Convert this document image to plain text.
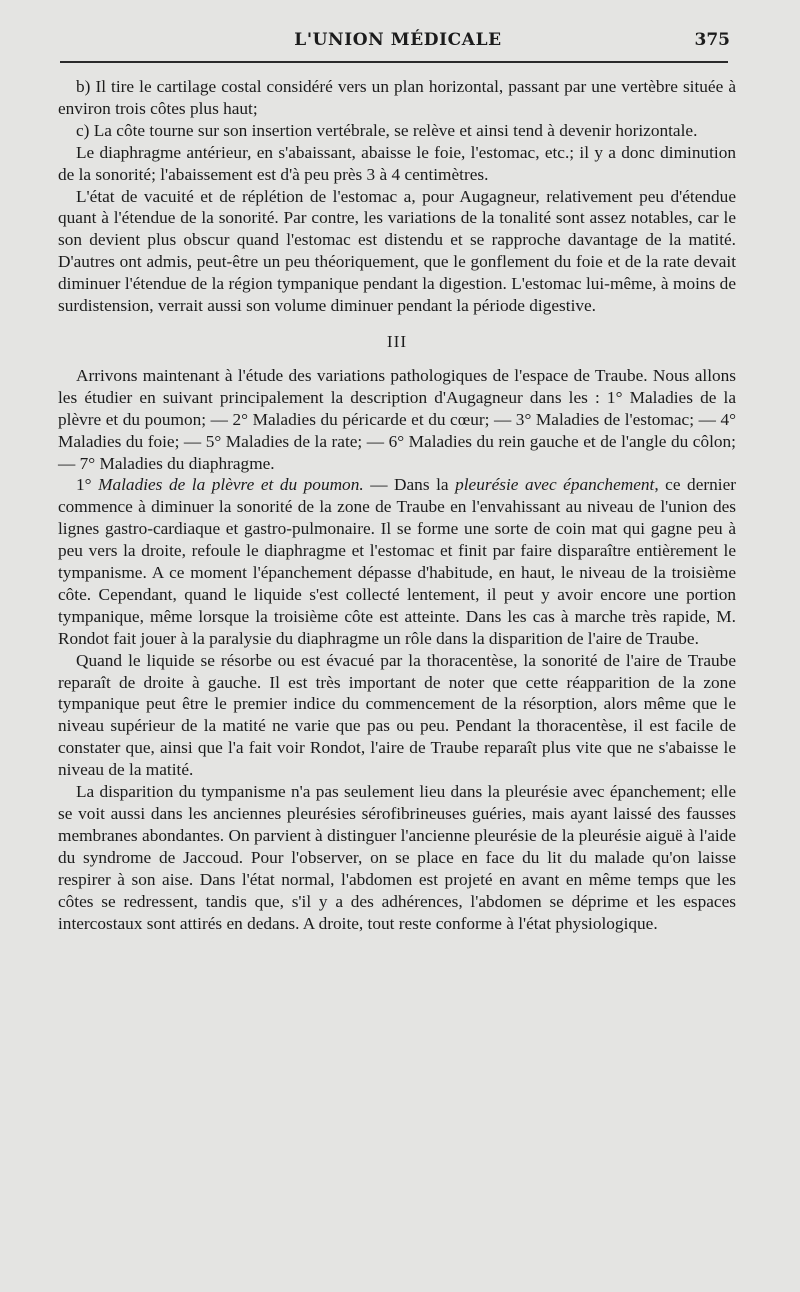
L'UNION MÉDICALE	375

b) Il tire le cartilage costal considéré vers un plan horizontal, passant par une vertèbre située à environ trois côtes plus haut;

c) La côte tourne sur son insertion vertébrale, se relève et ainsi tend à devenir horizontale.

Le diaphragme antérieur, en s'abaissant, abaisse le foie, l'estomac, etc.; il y a donc diminution de la sonorité; l'abaissement est d'à peu près 3 à 4 centimètres.

L'état de vacuité et de réplétion de l'estomac a, pour Augagneur, relativement peu d'étendue quant à l'étendue de la sonorité. Par contre, les variations de la tonalité sont assez notables, car le son devient plus obscur quand l'estomac est distendu et se rapproche davantage de la matité. D'autres ont admis, peut-être un peu théoriquement, que le gonflement du foie et de la rate devait diminuer l'étendue de la région tympanique pendant la digestion. L'estomac lui-même, à moins de surdistension, verrait aussi son volume diminuer pendant la période digestive.

III

Arrivons maintenant à l'étude des variations pathologiques de l'espace de Traube. Nous allons les étudier en suivant principalement la description d'Augagneur dans les : 1° Maladies de la plèvre et du poumon; — 2° Maladies du péricarde et du cœur; — 3° Maladies de l'estomac; — 4° Maladies du foie; — 5° Maladies de la rate; — 6° Maladies du rein gauche et de l'angle du côlon; — 7° Maladies du diaphragme.

1° Maladies de la plèvre et du poumon. — Dans la pleurésie avec épanchement, ce dernier commence à diminuer la sonorité de la zone de Traube en l'envahissant au niveau de l'union des lignes gastro-cardiaque et gastro-pulmonaire. Il se forme une sorte de coin mat qui gagne peu à peu vers la droite, refoule le diaphragme et l'estomac et finit par faire disparaître entièrement le tympanisme. A ce moment l'épanchement dépasse d'habitude, en haut, le niveau de la troisième côte. Cependant, quand le liquide s'est collecté lentement, il peut y avoir encore une portion tympanique, même lorsque la troisième côte est atteinte. Dans les cas à marche très rapide, M. Rondot fait jouer à la paralysie du diaphragme un rôle dans la disparition de l'aire de Traube.

Quand le liquide se résorbe ou est évacué par la thoracentèse, la sonorité de l'aire de Traube reparaît de droite à gauche. Il est très important de noter que cette réapparition de la zone tympanique peut être le premier indice du commencement de la résorption, alors même que le niveau supérieur de la matité ne varie que pas ou peu. Pendant la thoracentèse, il est facile de constater que, ainsi que l'a fait voir Rondot, l'aire de Traube reparaît plus vite que ne s'abaisse le niveau de la matité.

La disparition du tympanisme n'a pas seulement lieu dans la pleurésie avec épanchement; elle se voit aussi dans les anciennes pleurésies sérofibrineuses guéries, mais ayant laissé des fausses membranes abondantes. On parvient à distinguer l'ancienne pleurésie de la pleurésie aiguë à l'aide du syndrome de Jaccoud. Pour l'observer, on se place en face du lit du malade qu'on laisse respirer à son aise. Dans l'état normal, l'abdomen est projeté en avant en même temps que les côtes se redressent, tandis que, s'il y a des adhérences, l'abdomen se déprime et les espaces intercostaux sont attirés en dedans. A droite, tout reste conforme à l'état physiologique.
